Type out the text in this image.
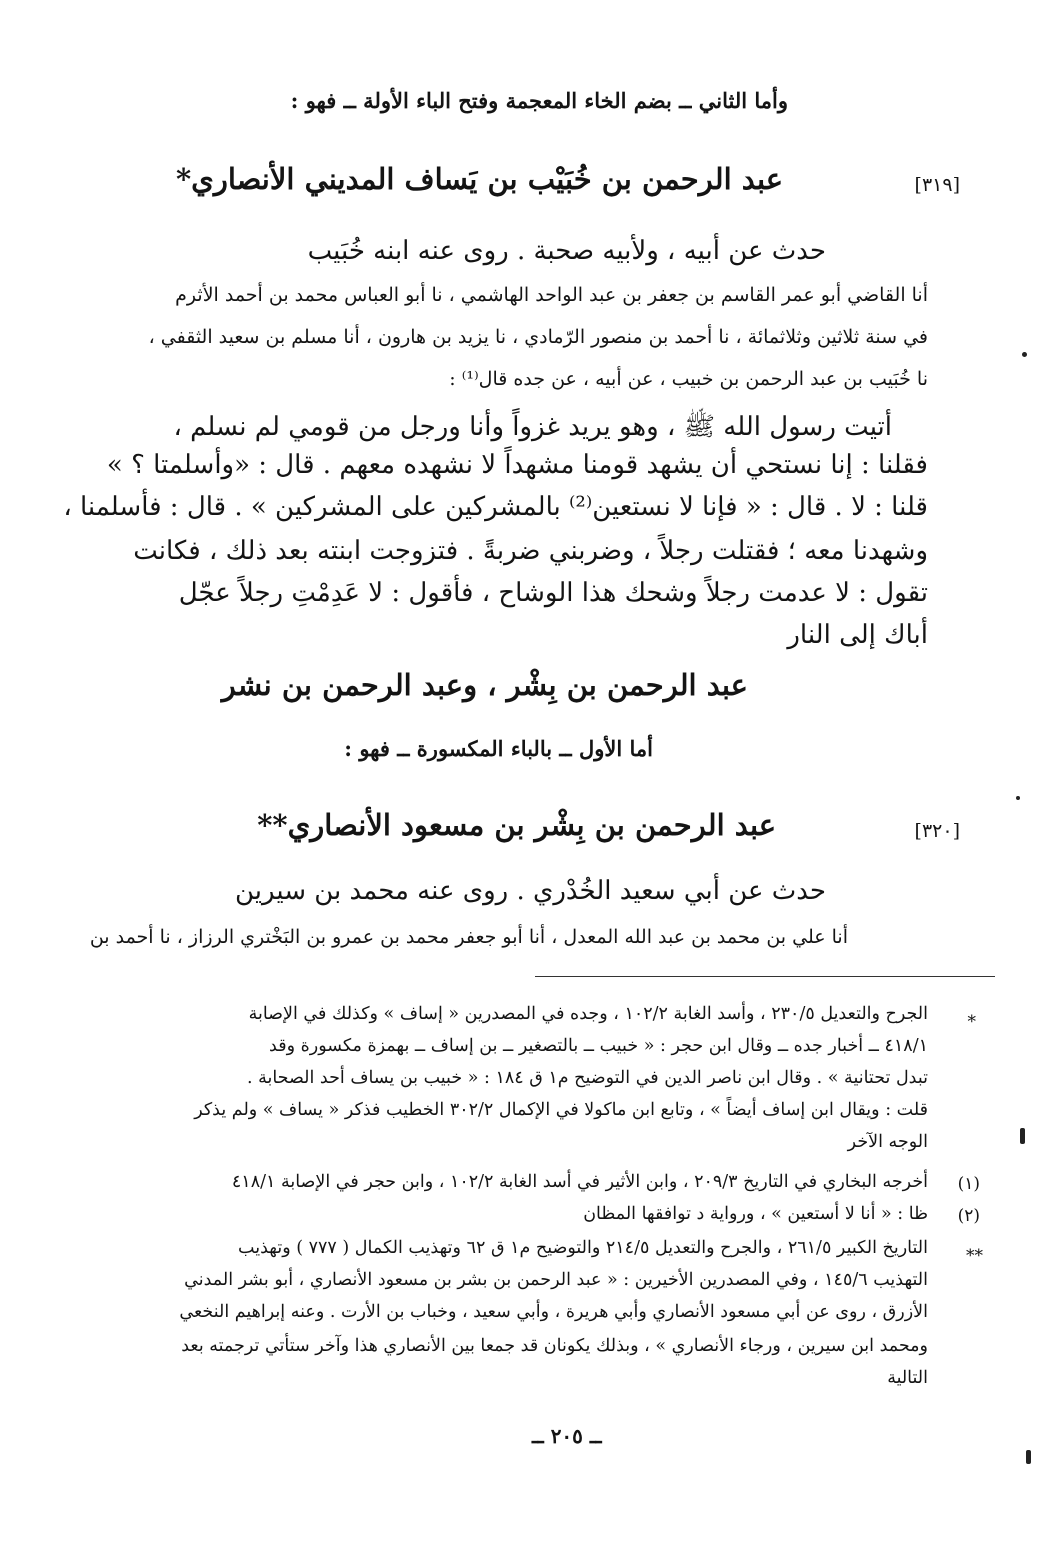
وأما الثاني ــ بضم الخاء المعجمة وفتح الباء الأولة ــ فهو :
[٣١٩]
عبد الرحمن بن خُبَيْب بن يَساف المديني الأنصاري*
حدث عن أبيه ، ولأبيه صحبة . روى عنه ابنه خُبَيب
أنا القاضي أبو عمر القاسم بن جعفر بن عبد الواحد الهاشمي ، نا أبو العباس محمد بن أحمد الأثرم
في سنة ثلاثين وثلاثمائة ، نا أحمد بن منصور الرّمادي ، نا يزيد بن هارون ، أنا مسلم بن سعيد الثقفي ،
نا خُبَيب بن عبد الرحمن بن خبيب ، عن أبيه ، عن جده قال⁽¹⁾ :
أتيت رسول الله ﷺ ، وهو يريد غزواً وأنا ورجل من قومي لم نسلم ،
فقلنا : إنا نستحي أن يشهد قومنا مشهداً لا نشهده معهم . قال : «وأسلمتا ؟ »
قلنا : لا . قال : « فإنا لا نستعين⁽²⁾ بالمشركين على المشركين » . قال : فأسلمنا ،
وشهدنا معه ؛ فقتلت رجلاً ، وضربني ضربةً . فتزوجت ابنته بعد ذلك ، فكانت
تقول : لا عدمت رجلاً وشحك هذا الوشاح ، فأقول : لا عَدِمْتِ رجلاً عجّل
أباك إلى النار
عبد الرحمن بن بِشْر ، وعبد الرحمن بن نشر
أما الأول ــ بالباء المكسورة ــ فهو :
[٣٢٠]
عبد الرحمن بن بِشْر بن مسعود الأنصاري**
حدث عن أبي سعيد الخُدْري . روى عنه محمد بن سيرين
أنا علي بن محمد بن عبد الله المعدل ، أنا أبو جعفر محمد بن عمرو بن البَخْتري الرزاز ، نا أحمد بن
*
الجرح والتعديل ٢٣٠/٥ ، وأسد الغابة ١٠٢/٢ ، وجده في المصدرين « إساف » وكذلك في الإصابة
٤١٨/١ ــ أخبار جده ــ وقال ابن حجر : « خبيب ــ بالتصغير ــ بن إساف ــ بهمزة مكسورة وقد
تبدل تحتانية » . وقال ابن ناصر الدين في التوضيح م١ ق ١٨٤ : « خبيب بن يساف أحد الصحابة .
قلت : ويقال ابن إساف أيضاً » ، وتابع ابن ماكولا في الإكمال ٣٠٢/٢ الخطيب فذكر « يساف » ولم يذكر
الوجه الآخر
(١)
أخرجه البخاري في التاريخ ٢٠٩/٣ ، وابن الأثير في أسد الغابة ١٠٢/٢ ، وابن حجر في الإصابة ٤١٨/١
(٢)
ظا : « أنا لا أستعين » ، ورواية د توافقها المظان
**
التاريخ الكبير ٢٦١/٥ ، والجرح والتعديل ٢١٤/٥ والتوضيح م١ ق ٦٢ وتهذيب الكمال ( ٧٧٧ ) وتهذيب
التهذيب ١٤٥/٦ ، وفي المصدرين الأخيرين : « عبد الرحمن بن بشر بن مسعود الأنصاري ، أبو بشر المدني
الأزرق ، روى عن أبي مسعود الأنصاري وأبي هريرة ، وأبي سعيد ، وخباب بن الأرت . وعنه إبراهيم النخعي
ومحمد ابن سيرين ، ورجاء الأنصاري » ، وبذلك يكونان قد جمعا بين الأنصاري هذا وآخر ستأتي ترجمته بعد
التالية
ــ ٢٠٥ ــ
